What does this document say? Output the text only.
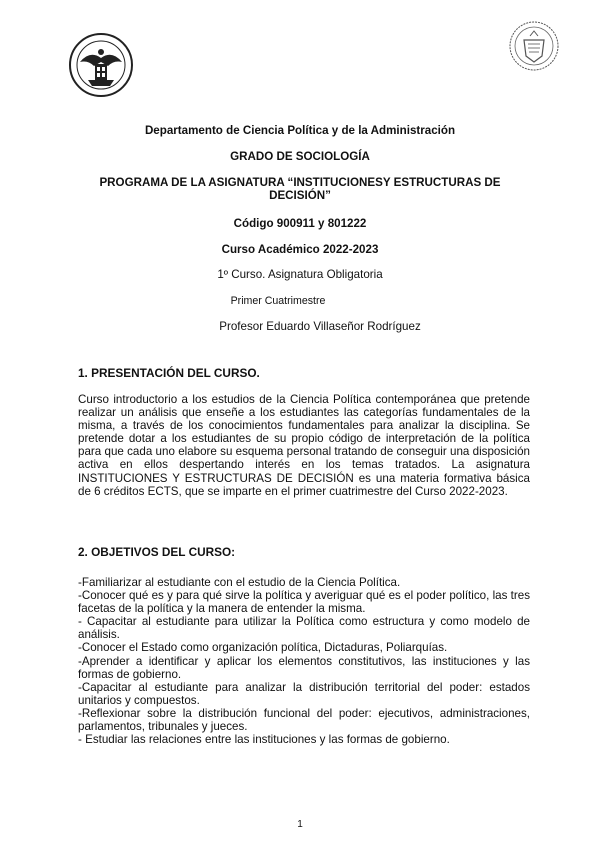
Departamento de Ciencia Política y de la Administración
GRADO DE SOCIOLOGÍA
PROGRAMA DE LA ASIGNATURA “INSTITUCIONESY ESTRUCTURAS DE DECISIÓN”
Código 900911 y 801222
Curso Académico 2022-2023
1º Curso. Asignatura Obligatoria
Primer Cuatrimestre
Profesor Eduardo Villaseñor Rodríguez
1. PRESENTACIÓN DEL CURSO.

Curso introductorio a los estudios de la Ciencia Política contemporánea que pretende realizar un análisis que enseñe a los estudiantes las categorías fundamentales de la misma, a través de los conocimientos fundamentales para analizar la disciplina. Se pretende dotar a los estudiantes de su propio código de interpretación de la política para que cada uno elabore su esquema personal tratando de conseguir una disposición activa en ellos despertando interés en los temas tratados. La asignatura INSTITUCIONES Y ESTRUCTURAS DE DECISIÓN es una materia formativa básica de 6 créditos ECTS, que se imparte en el primer cuatrimestre del Curso 2022-2023.

2. OBJETIVOS DEL CURSO:
-Familiarizar al estudiante con el estudio de la Ciencia Política.
-Conocer qué es y para qué sirve la política y averiguar qué es el poder político, las tres facetas de la política y la manera de entender la misma.
- Capacitar al estudiante para utilizar la Política como estructura y como modelo de análisis.
-Conocer el Estado como organización política, Dictaduras, Poliarquías.
-Aprender a identificar y aplicar los elementos constitutivos, las instituciones y las formas de gobierno.
-Capacitar al estudiante para analizar la distribución territorial del poder: estados unitarios y compuestos.
-Reflexionar sobre la distribución funcional del poder: ejecutivos, administraciones, parlamentos, tribunales y jueces.
- Estudiar las relaciones entre las instituciones y las formas de gobierno.
1
